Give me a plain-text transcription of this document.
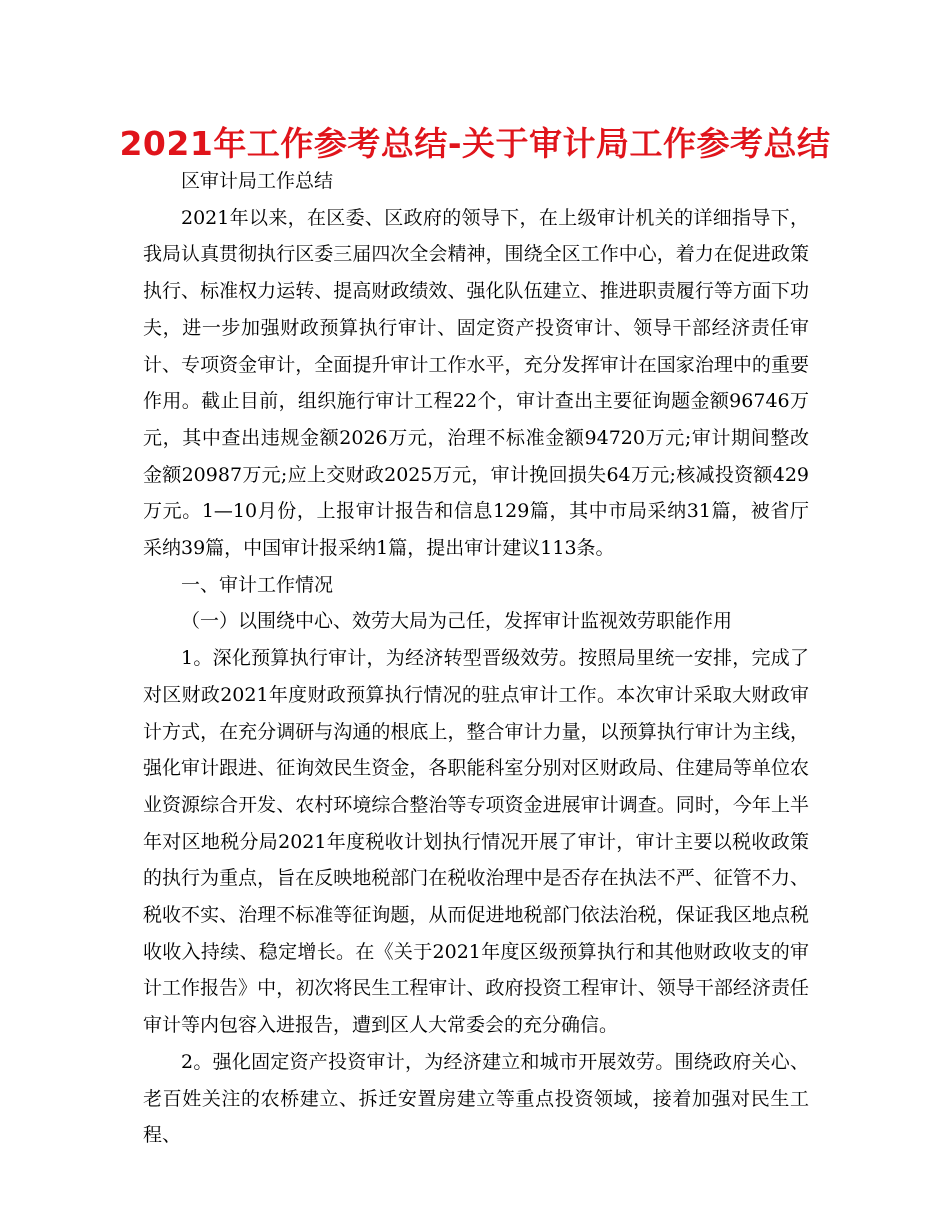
2021年工作参考总结-关于审计局工作参考总结

区审计局工作总结

2021年以来，在区委、区政府的领导下，在上级审计机关的详细指导下，我局认真贯彻执行区委三届四次全会精神，围绕全区工作中心，着力在促进政策执行、标准权力运转、提高财政绩效、强化队伍建立、推进职责履行等方面下功夫，进一步加强财政预算执行审计、固定资产投资审计、领导干部经济责任审计、专项资金审计，全面提升审计工作水平，充分发挥审计在国家治理中的重要作用。截止目前，组织施行审计工程22个，审计查出主要征询题金额96746万元，其中查出违规金额2026万元，治理不标准金额94720万元;审计期间整改金额20987万元;应上交财政2025万元，审计挽回损失64万元;核减投资额429万元。1—10月份，上报审计报告和信息129篇，其中市局采纳31篇，被省厅采纳39篇，中国审计报采纳1篇，提出审计建议113条。

一、审计工作情况

（一）以围绕中心、效劳大局为己任，发挥审计监视效劳职能作用

1。深化预算执行审计，为经济转型晋级效劳。按照局里统一安排，完成了对区财政2021年度财政预算执行情况的驻点审计工作。本次审计采取大财政审计方式，在充分调研与沟通的根底上，整合审计力量，以预算执行审计为主线，强化审计跟进、征询效民生资金，各职能科室分别对区财政局、住建局等单位农业资源综合开发、农村环境综合整治等专项资金进展审计调查。同时，今年上半年对区地税分局2021年度税收计划执行情况开展了审计，审计主要以税收政策的执行为重点，旨在反映地税部门在税收治理中是否存在执法不严、征管不力、税收不实、治理不标准等征询题，从而促进地税部门依法治税，保证我区地点税收收入持续、稳定增长。在《关于2021年度区级预算执行和其他财政收支的审计工作报告》中，初次将民生工程审计、政府投资工程审计、领导干部经济责任审计等内包容入进报告，遭到区人大常委会的充分确信。

2。强化固定资产投资审计，为经济建立和城市开展效劳。围绕政府关心、老百姓关注的农桥建立、拆迁安置房建立等重点投资领域，接着加强对民生工程、
